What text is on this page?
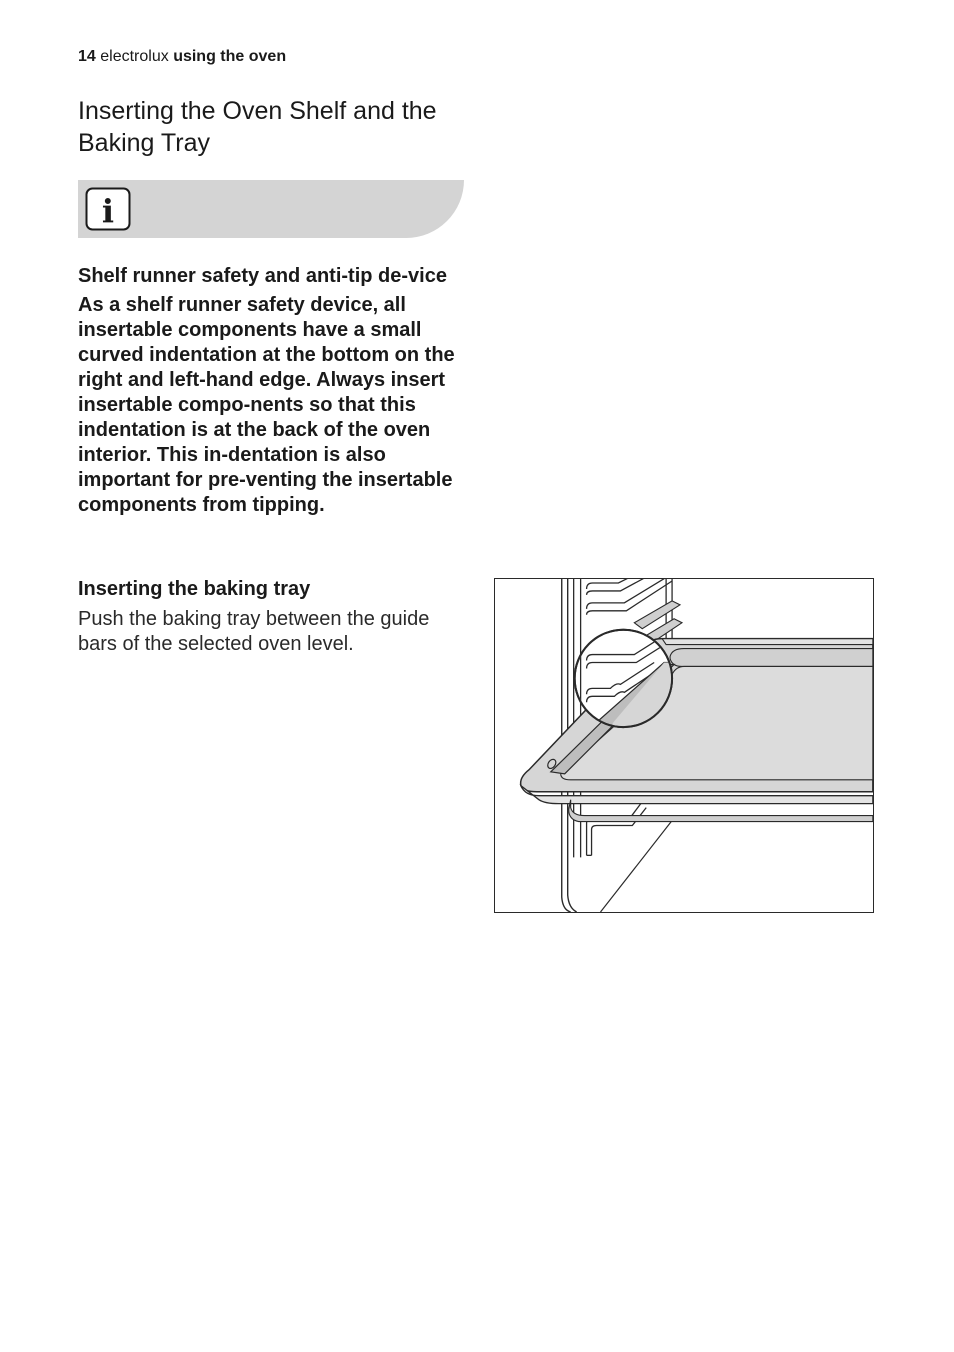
14 electrolux using the oven
Inserting the Oven Shelf and the Baking Tray
i

Shelf runner safety and anti-tip de-vice

As a shelf runner safety device, all insertable components have a small curved indentation at the bottom on the right and left-hand edge. Always insert insertable compo-nents so that this indentation is at the back of the oven interior. This in-dentation is also important for pre-venting the insertable components from tipping.

Inserting the baking tray

Push the baking tray between the guide bars of the selected oven level.
